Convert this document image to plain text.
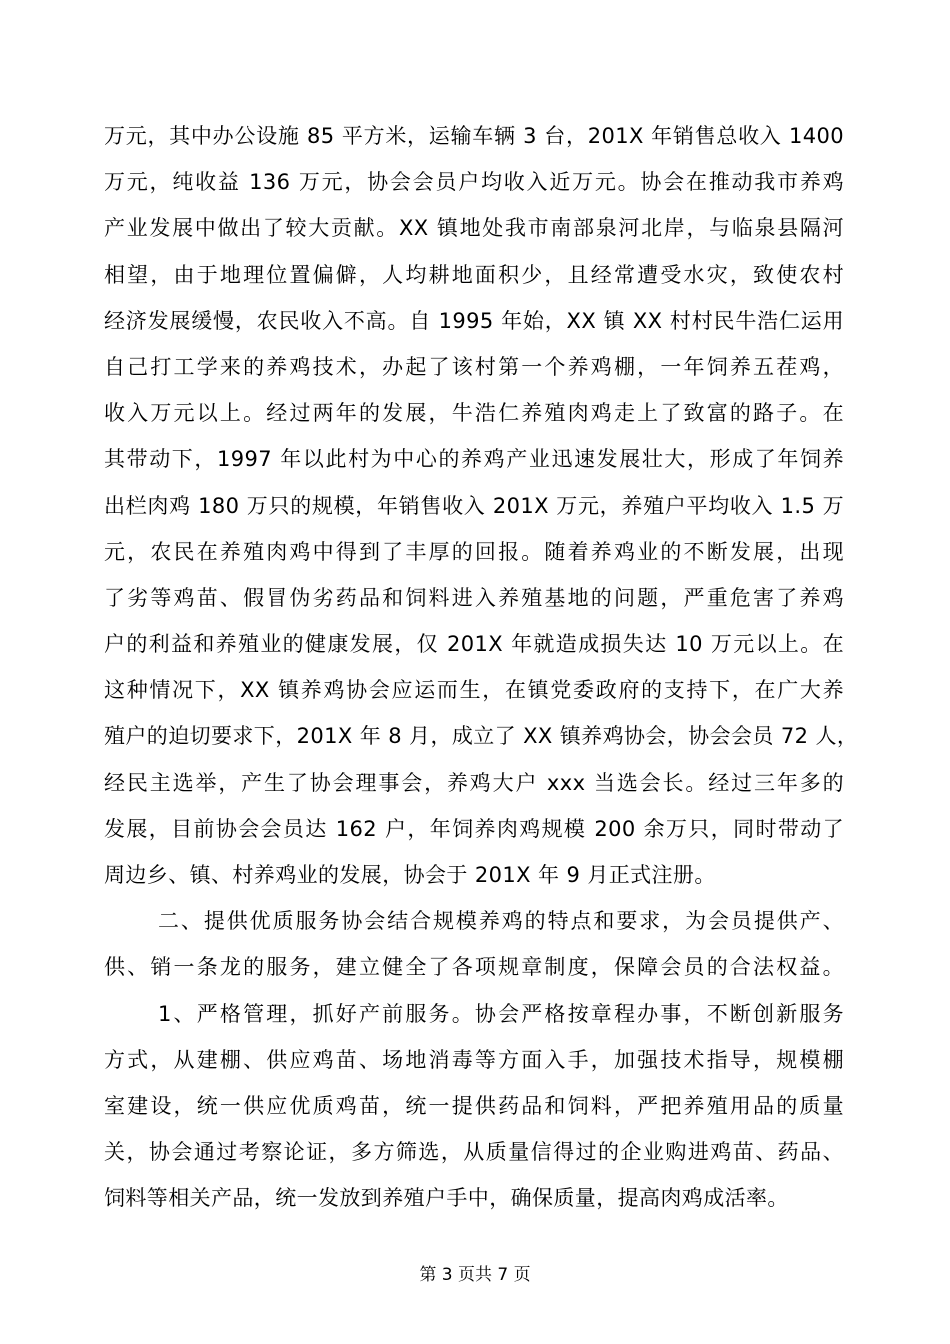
万元，其中办公设施 85 平方米，运输车辆 3 台，201X 年销售总收入 1400
万元，纯收益 136 万元，协会会员户均收入近万元。协会在推动我市养鸡
产业发展中做出了较大贡献。XX 镇地处我市南部泉河北岸，与临泉县隔河
相望，由于地理位置偏僻，人均耕地面积少，且经常遭受水灾，致使农村
经济发展缓慢，农民收入不高。自 1995 年始，XX 镇 XX 村村民牛浩仁运用
自己打工学来的养鸡技术，办起了该村第一个养鸡棚，一年饲养五茬鸡，
收入万元以上。经过两年的发展，牛浩仁养殖肉鸡走上了致富的路子。在
其带动下，1997 年以此村为中心的养鸡产业迅速发展壮大，形成了年饲养
出栏肉鸡 180 万只的规模，年销售收入 201X 万元，养殖户平均收入 1.5 万
元，农民在养殖肉鸡中得到了丰厚的回报。随着养鸡业的不断发展，出现
了劣等鸡苗、假冒伪劣药品和饲料进入养殖基地的问题，严重危害了养鸡
户的利益和养殖业的健康发展，仅 201X 年就造成损失达 10 万元以上。在
这种情况下，XX 镇养鸡协会应运而生，在镇党委政府的支持下，在广大养
殖户的迫切要求下，201X 年 8 月，成立了 XX 镇养鸡协会，协会会员 72 人，
经民主选举，产生了协会理事会，养鸡大户 xxx 当选会长。经过三年多的
发展，目前协会会员达 162 户，年饲养肉鸡规模 200 余万只，同时带动了
周边乡、镇、村养鸡业的发展，协会于 201X 年 9 月正式注册。
二、提供优质服务协会结合规模养鸡的特点和要求，为会员提供产、
供、销一条龙的服务，建立健全了各项规章制度，保障会员的合法权益。
1、严格管理，抓好产前服务。协会严格按章程办事，不断创新服务
方式，从建棚、供应鸡苗、场地消毒等方面入手，加强技术指导，规模棚
室建设，统一供应优质鸡苗，统一提供药品和饲料，严把养殖用品的质量
关，协会通过考察论证，多方筛选，从质量信得过的企业购进鸡苗、药品、
饲料等相关产品，统一发放到养殖户手中，确保质量，提高肉鸡成活率。
第 3 页共 7 页
